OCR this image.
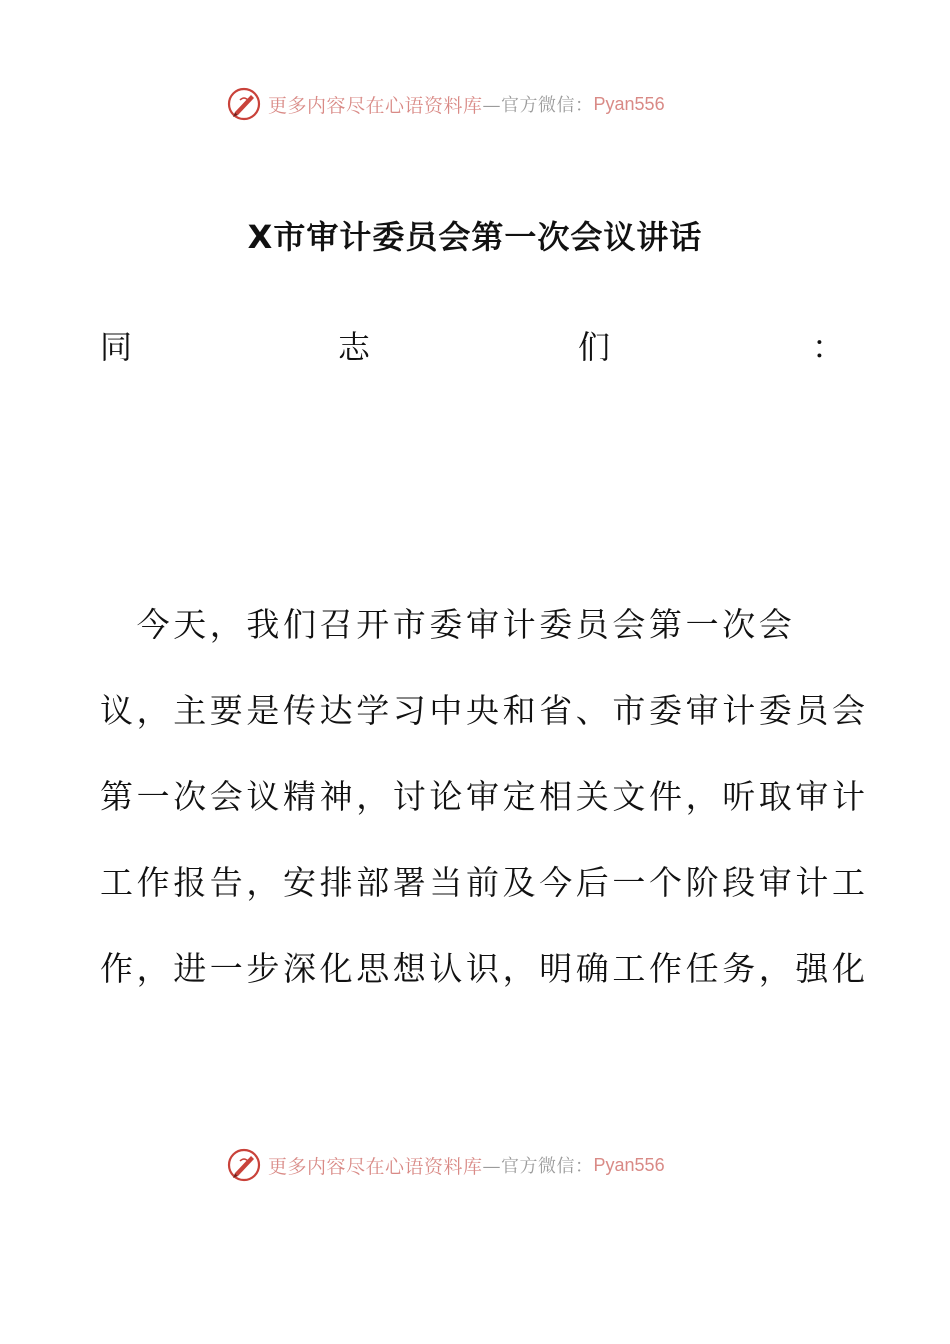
更多内容尽在心语资料库 —官方微信： Pyan556
X市审计委员会第一次会议讲话
同	志	们	：
　今天，我们召开市委审计委员会第一次会
议，主要是传达学习中央和省、市委审计委员会
第一次会议精神，讨论审定相关文件，听取审计
工作报告，安排部署当前及今后一个阶段审计工
作，进一步深化思想认识，明确工作任务，强化
更多内容尽在心语资料库 —官方微信： Pyan556
